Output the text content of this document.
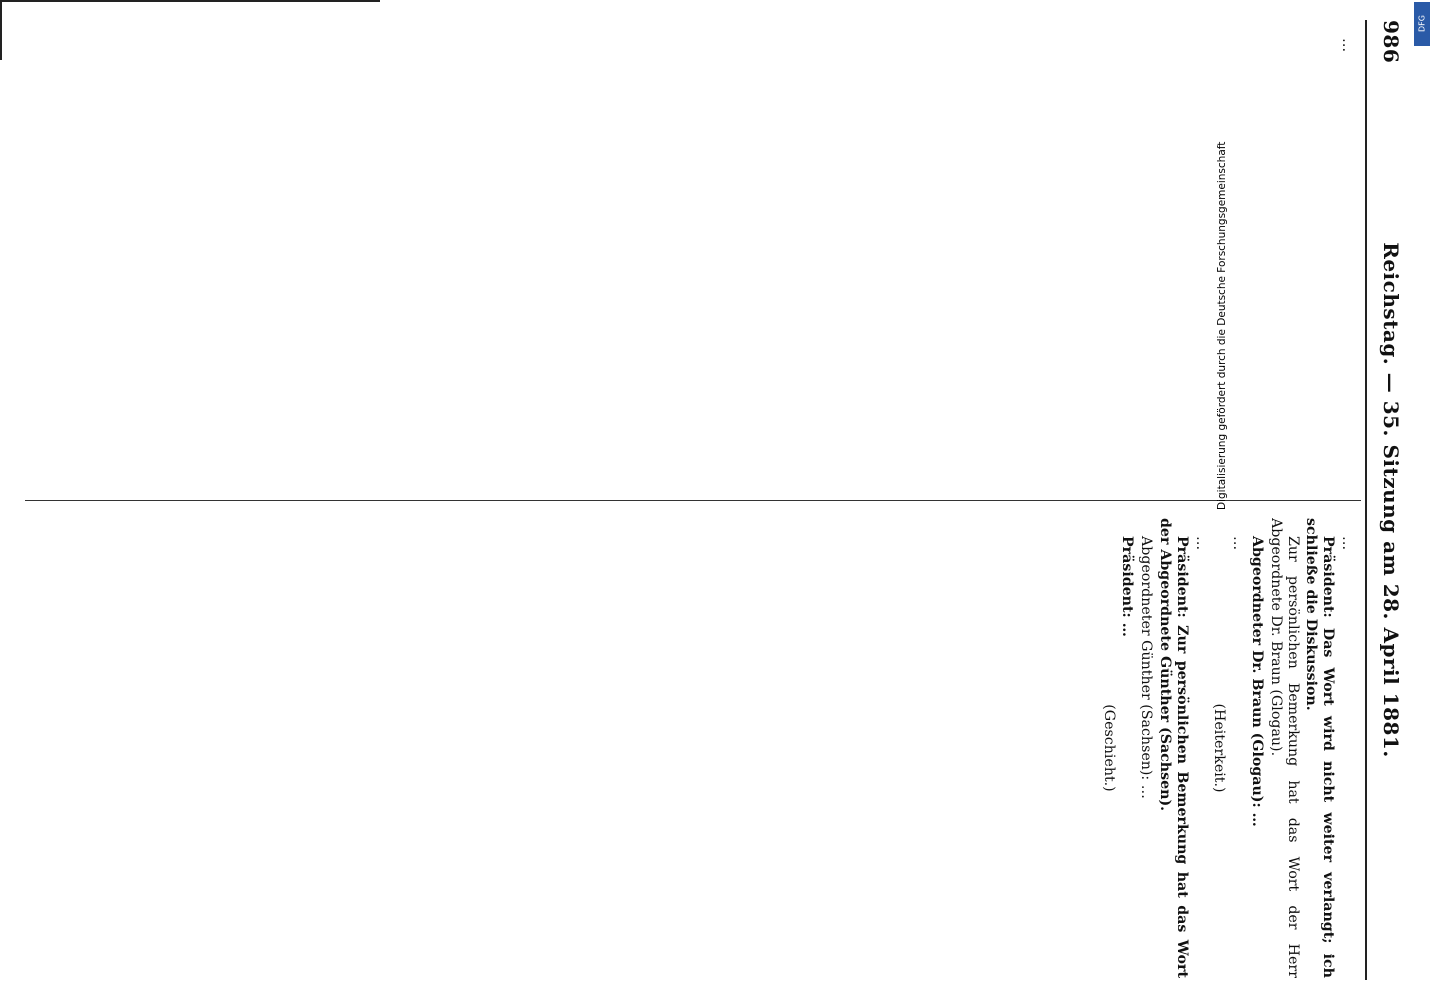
986
Reichstag. — 35. Sitzung am 28. April 1881.

…

…

Präsident: Das Wort wird nicht weiter verlangt; ich schließe die Diskussion.

Zur persönlichen Bemerkung hat das Wort der Herr Abgeordnete Dr. Braun (Glogau).

Abgeordneter Dr. Braun (Glogau): …

…

(Heiterkeit.)

…

Präsident: Zur persönlichen Bemerkung hat das Wort der Abgeordnete Günther (Sachsen).

Abgeordneter Günther (Sachsen): …

Präsident: …

(Geschieht.)

DFG
Digitalisierung gefördert durch die Deutsche Forschungsgemeinschaft
